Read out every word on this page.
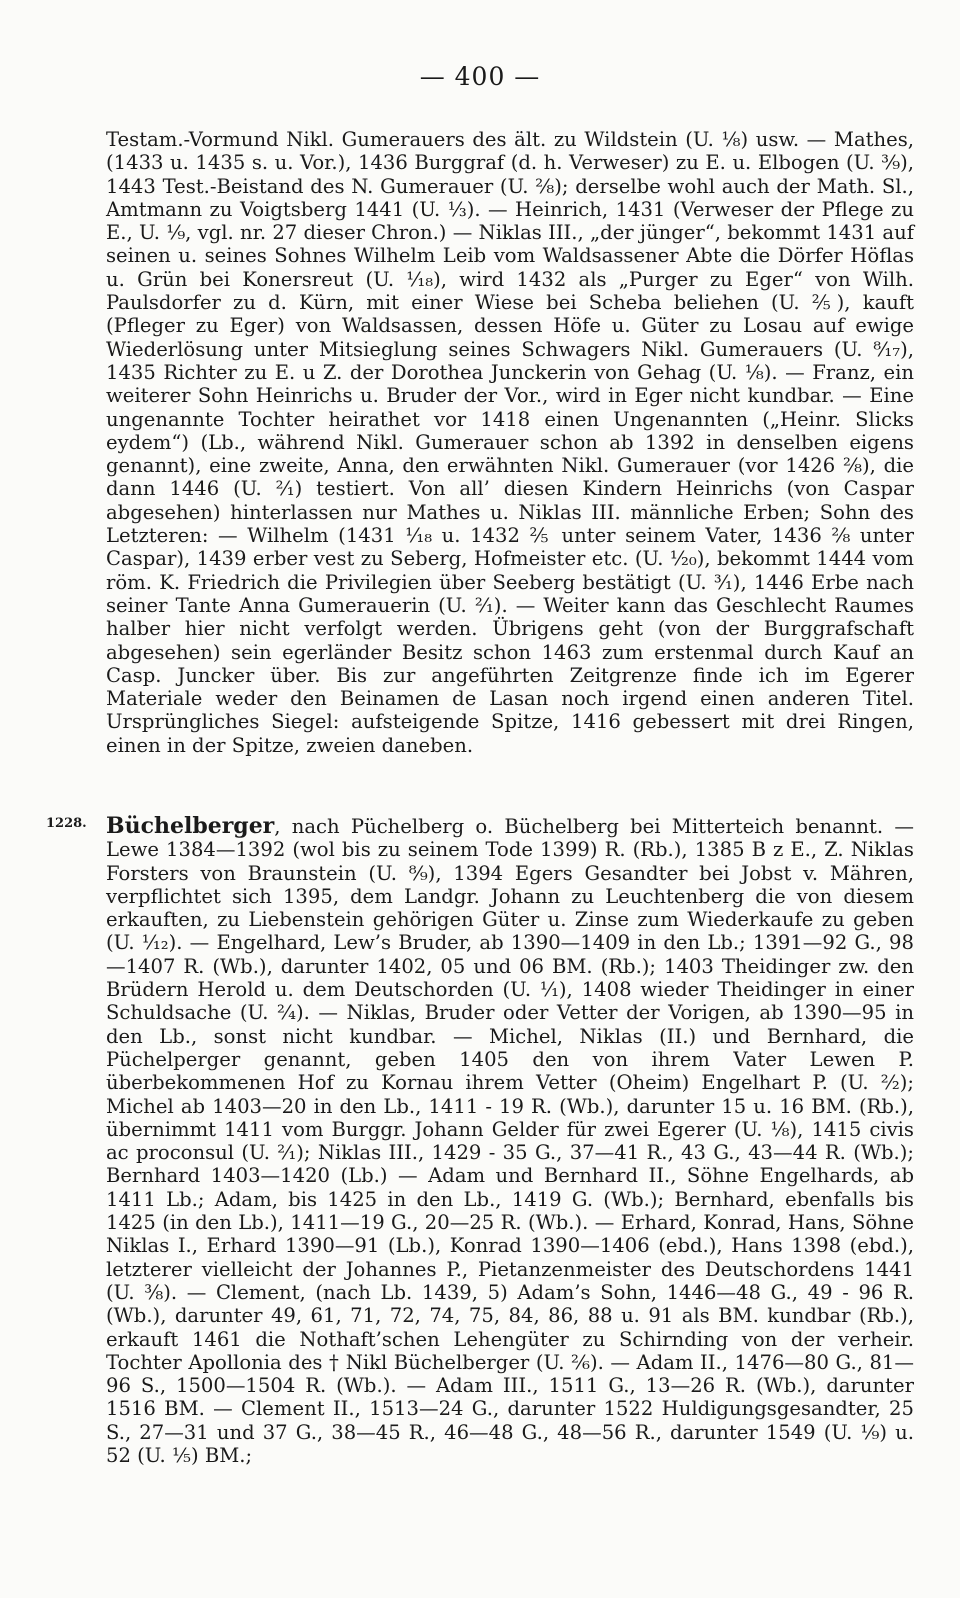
— 400 —
Testam.-Vormund Nikl. Gumerauers des ält. zu Wildstein (U. ¹⁄₈) usw. — Mathes, (1433 u. 1435 s. u. Vor.), 1436 Burggraf (d. h. Verweser) zu E. u. Elbogen (U. ³⁄₉), 1443 Test.-Beistand des N. Gumerauer (U. ²⁄₈); derselbe wohl auch der Math. Sl., Amtmann zu Voigtsberg 1441 (U. ⅓). — Heinrich, 1431 (Verweser der Pflege zu E., U. ¹⁄₉, vgl. nr. 27 dieser Chron.) — Niklas III., „der jünger“, bekommt 1431 auf seinen u. seines Sohnes Wilhelm Leib vom Waldsassener Abte die Dörfer Höflas u. Grün bei Konersreut (U. ¹⁄₁₈), wird 1432 als „Purger zu Eger“ von Wilh. Paulsdorfer zu d. Kürn, mit einer Wiese bei Scheba beliehen (U. ⅖), kauft (Pfleger zu Eger) von Waldsassen, dessen Höfe u. Güter zu Losau auf ewige Wiederlösung unter Mitsieglung seines Schwagers Nikl. Gumerauers (U. ⁸⁄₁₇), 1435 Richter zu E. u Z. der Dorothea Junckerin von Gehag (U. ¹⁄₈). — Franz, ein weiterer Sohn Heinrichs u. Bruder der Vor., wird in Eger nicht kundbar. — Eine ungenannte Tochter heirathet vor 1418 einen Ungenannten („Heinr. Slicks eydem“) (Lb., während Nikl. Gumerauer schon ab 1392 in denselben eigens genannt), eine zweite, Anna, den erwähnten Nikl. Gumerauer (vor 1426 ²⁄₈), die dann 1446 (U. ²⁄₁) testiert. Von all’ diesen Kindern Heinrichs (von Caspar abgesehen) hinterlassen nur Mathes u. Niklas III. männliche Erben; Sohn des Letzteren: — Wilhelm (1431 ¹⁄₁₈ u. 1432 ⅖ unter seinem Vater, 1436 ²⁄₈ unter Caspar), 1439 erber vest zu Seberg, Hofmeister etc. (U. ¹⁄₂₀), bekommt 1444 vom röm. K. Friedrich die Privilegien über Seeberg bestätigt (U. ³⁄₁), 1446 Erbe nach seiner Tante Anna Gumerauerin (U. ²⁄₁). — Weiter kann das Geschlecht Raumes halber hier nicht verfolgt werden. Übrigens geht (von der Burggrafschaft abgesehen) sein egerländer Besitz schon 1463 zum erstenmal durch Kauf an Casp. Juncker über. Bis zur angeführten Zeitgrenze finde ich im Egerer Materiale weder den Beinamen de Lasan noch irgend einen anderen Titel. Ursprüngliches Siegel: aufsteigende Spitze, 1416 gebessert mit drei Ringen, einen in der Spitze, zweien daneben.
1228. Büchelberger, nach Püchelberg o. Büchelberg bei Mitterteich benannt. — Lewe 1384—1392 (wol bis zu seinem Tode 1399) R. (Rb.), 1385 B z E., Z. Niklas Forsters von Braunstein (U. ⁸⁄₉), 1394 Egers Gesandter bei Jobst v. Mähren, verpflichtet sich 1395, dem Landgr. Johann zu Leuchtenberg die von diesem erkauften, zu Liebenstein gehörigen Güter u. Zinse zum Wiederkaufe zu geben (U. ¹⁄₁₂). — Engelhard, Lew’s Bruder, ab 1390—1409 in den Lb.; 1391—92 G., 98—1407 R. (Wb.), darunter 1402, 05 und 06 BM. (Rb.); 1403 Theidinger zw. den Brüdern Herold u. dem Deutschorden (U. ¹⁄₁), 1408 wieder Theidinger in einer Schuldsache (U. ²⁄₄). — Niklas, Bruder oder Vetter der Vorigen, ab 1390—95 in den Lb., sonst nicht kundbar. — Michel, Niklas (II.) und Bernhard, die Püchelperger genannt, geben 1405 den von ihrem Vater Lewen P. überbekommenen Hof zu Kornau ihrem Vetter (Oheim) Engelhart P. (U. ²⁄₂); Michel ab 1403—20 in den Lb., 1411 - 19 R. (Wb.), darunter 15 u. 16 BM. (Rb.), übernimmt 1411 vom Burggr. Johann Gelder für zwei Egerer (U. ¹⁄₈), 1415 civis ac proconsul (U. ²⁄₁); Niklas III., 1429 - 35 G., 37—41 R., 43 G., 43—44 R. (Wb.); Bernhard 1403—1420 (Lb.) — Adam und Bernhard II., Söhne Engelhards, ab 1411 Lb.; Adam, bis 1425 in den Lb., 1419 G. (Wb.); Bernhard, ebenfalls bis 1425 (in den Lb.), 1411—19 G., 20—25 R. (Wb.). — Erhard, Konrad, Hans, Söhne Niklas I., Erhard 1390—91 (Lb.), Konrad 1390—1406 (ebd.), Hans 1398 (ebd.), letzterer vielleicht der Johannes P., Pietanzenmeister des Deutschordens 1441 (U. ⅜). — Clement, (nach Lb. 1439, 5) Adam’s Sohn, 1446—48 G., 49 - 96 R. (Wb.), darunter 49, 61, 71, 72, 74, 75, 84, 86, 88 u. 91 als BM. kundbar (Rb.), erkauft 1461 die Nothaft’schen Lehengüter zu Schirnding von der verheir. Tochter Apollonia des † Nikl Büchelberger (U. ²⁄₆). — Adam II., 1476—80 G., 81—96 S., 1500—1504 R. (Wb.). — Adam III., 1511 G., 13—26 R. (Wb.), darunter 1516 BM. — Clement II., 1513—24 G., darunter 1522 Huldigungsgesandter, 25 S., 27—31 und 37 G., 38—45 R., 46—48 G., 48—56 R., darunter 1549 (U. ¹⁄₉) u. 52 (U. ¹⁄₅) BM.;
